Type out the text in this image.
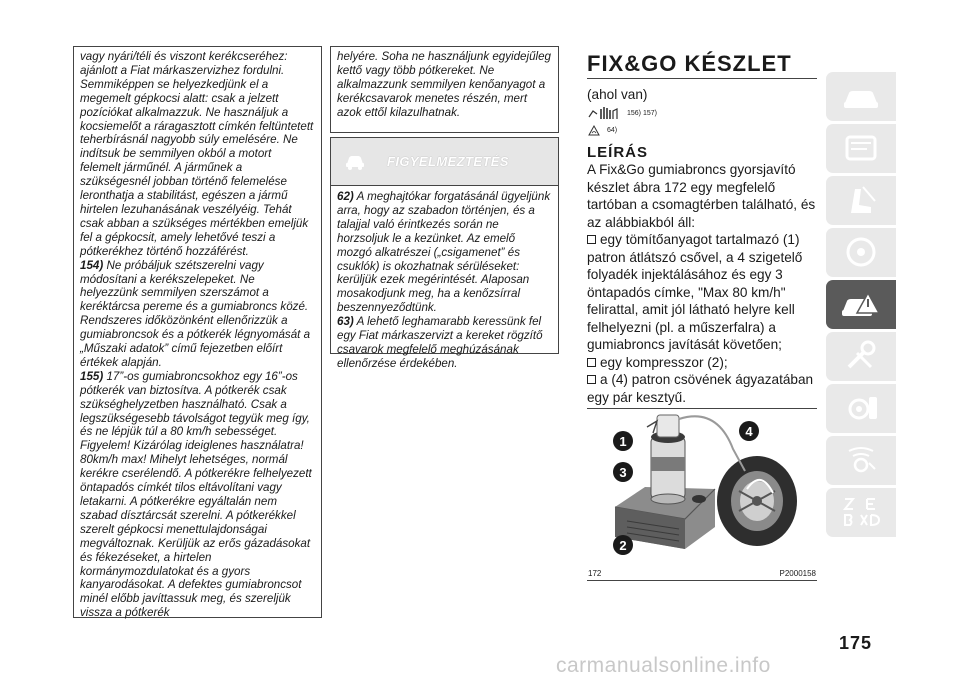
vagy nyári/téli és viszont kerékcseréhez: ajánlott a Fiat márkaszervizhez fordulni. Semmiképpen se helyezkedjünk el a megemelt gépkocsi alatt: csak a jelzett pozíciókat alkalmazzuk. Ne használjuk a kocsiemelőt a ráragasztott címkén feltüntetett teherbírásnál nagyobb súly emelésére. Ne indítsuk be semmilyen okból a motort felemelt járműnél. A járműnek a szükségesnél jobban történő felemelése leronthatja a stabilitást, egészen a jármű hirtelen lezuhanásának veszélyéig. Tehát csak abban a szükséges mértékben emeljük fel a gépkocsit, amely lehetővé teszi a pótkerékhez történő hozzáférést.

154) Ne próbáljuk szétszerelni vagy módosítani a kerékszelepeket. Ne helyezzünk semmilyen szerszámot a keréktárcsa pereme és a gumiabroncs közé. Rendszeres időközönként ellenőrizzük a gumiabroncsok és a pótkerék légnyomását a „Műszaki adatok” című fejezetben előírt értékek alapján.

155) 17”-os gumiabroncsokhoz egy 16”-os pótkerék van biztosítva. A pótkerék csak szükséghelyzetben használható. Csak a legszükségesebb távolságot tegyük meg így, és ne lépjük túl a 80 km/h sebességet. Figyelem! Kizárólag ideiglenes használatra! 80km/h max! Mihelyt lehetséges, normál kerékre cserélendő. A pótkerékre felhelyezett öntapadós címkét tilos eltávolítani vagy letakarni. A pótkerékre egyáltalán nem szabad dísztárcsát szerelni. A pótkerékkel szerelt gépkocsi menettulajdonságai megváltoznak. Kerüljük az erős gázadásokat és fékezéseket, a hirtelen kormánymozdulatokat és a gyors kanyarodásokat. A defektes gumiabroncsot minél előbb javíttassuk meg, és szereljük vissza a pótkerék

helyére. Soha ne használjunk egyidejűleg kettő vagy több pótkereket. Ne alkalmazzunk semmilyen kenőanyagot a kerékcsavarok menetes részén, mert azok ettől kilazulhatnak.

FIGYELMEZTETÉS

62) A meghajtókar forgatásánál ügyeljünk arra, hogy az szabadon történjen, és a talajjal való érintkezés során ne horzsoljuk le a kezünket. Az emelő mozgó alkatrészei („csigamenet” és csuklók) is okozhatnak sérüléseket: kerüljük ezek megérintését. Alaposan mosakodjunk meg, ha a kenőzsírral beszennyeződtünk.

63) A lehető leghamarabb keressünk fel egy Fiat márkaszervizt a kereket rögzítő csavarok megfelelő meghúzásának ellenőrzése érdekében.

FIX&GO KÉSZLET
(ahol van)
156) 157)
64)
LEÍRÁS
A Fix&Go gumiabroncs gyorsjavító készlet ábra 172 egy megfelelő tartóban a csomagtérben található, és az alábbiakból áll:
egy tömítőanyagot tartalmazó (1) patron átlátszó csővel, a 4 szigetelő folyadék injektálásához és egy 3 öntapadós címke, "Max 80 km/h" felirattal, amit jól látható helyre kell felhelyezni (pl. a műszerfalra) a gumiabroncs javítását követően;
egy kompresszor (2);
a (4) patron csövének ágyazatában egy pár kesztyű.
1
3
2
4
172	P2000158
175
carmanualsonline.info
